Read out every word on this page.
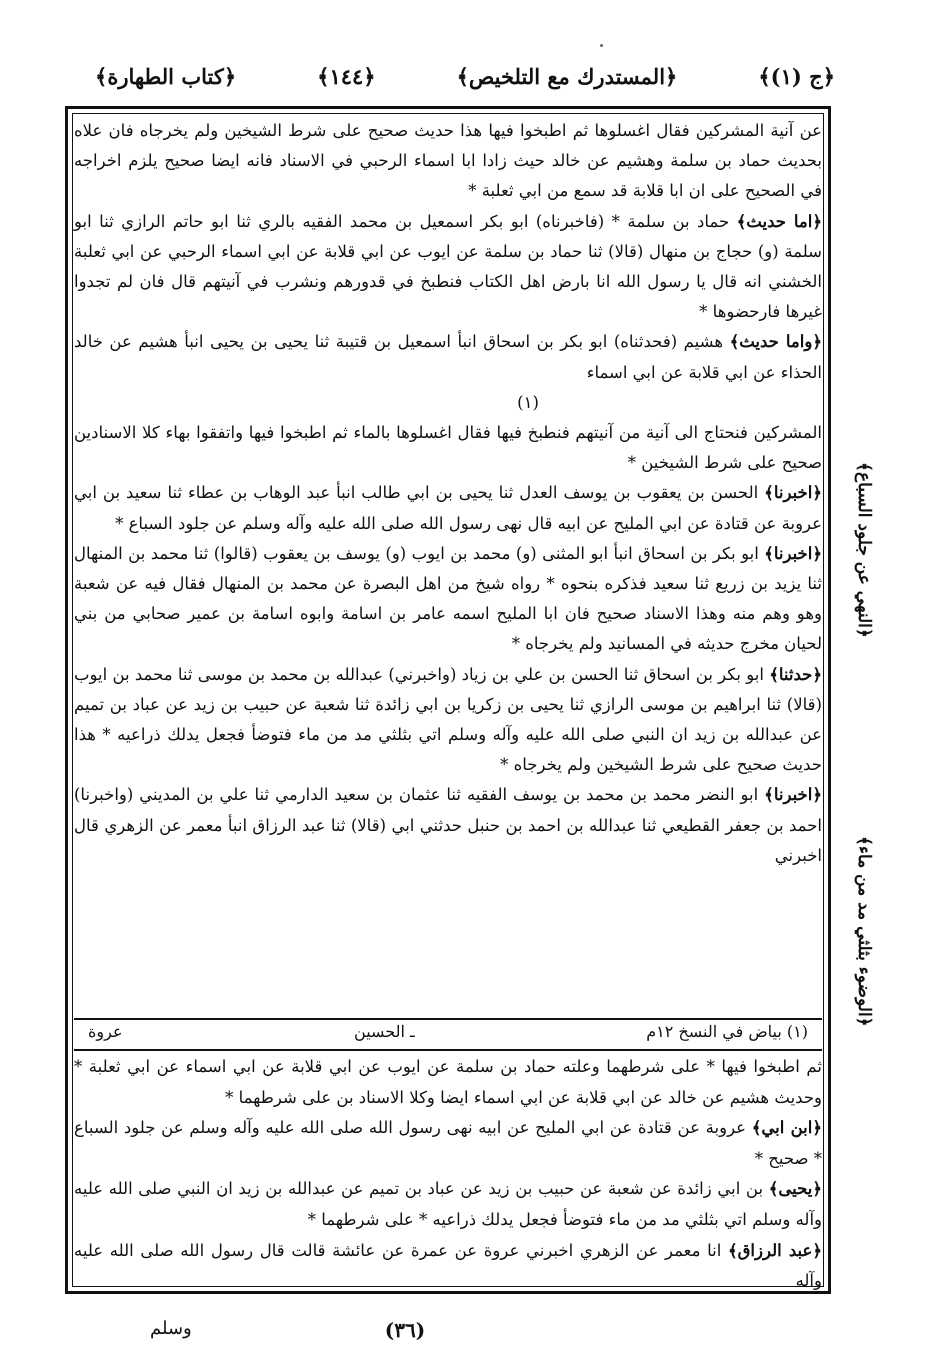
﴿ج (۱)﴾
﴿المستدرك مع التلخيص﴾
﴿١٤٤﴾
﴿كتاب الطهارة﴾

عن آنية المشركين فقال اغسلوها ثم اطبخوا فيها هذا حديث صحيح على شرط الشيخين ولم يخرجاه فان علاه بحديث حماد بن سلمة وهشيم عن خالد حيث زادا ابا اسماء الرحبي في الاسناد فانه ايضا صحيح يلزم اخراجه في الصحيح على ان ابا قلابة قد سمع من ابي ثعلبة *

﴿اما حديث﴾ حماد بن سلمة * (فاخبرناه) ابو بكر اسمعيل بن محمد الفقيه بالري ثنا ابو حاتم الرازي ثنا ابو سلمة (و) حجاج بن منهال (قالا) ثنا حماد بن سلمة عن ايوب عن ابي قلابة عن ابي اسماء الرحبي عن ابي ثعلبة الخشني انه قال يا رسول الله انا بارض اهل الكتاب فنطبخ في قدورهم ونشرب في آنيتهم قال فان لم تجدوا غيرها فارحضوها *

﴿واما حديث﴾ هشيم (فحدثناه) ابو بكر بن اسحاق انبأ اسمعيل بن قتيبة ثنا يحيى بن يحيى انبأ هشيم عن خالد الحذاء عن ابي قلابة عن ابي اسماء

(١)

المشركين فنحتاج الى آنية من آنيتهم فنطبخ فيها فقال اغسلوها بالماء ثم اطبخوا فيها واتفقوا بهاء كلا الاسنادين صحيح على شرط الشيخين *

﴿اخبرنا﴾ الحسن بن يعقوب بن يوسف العدل ثنا يحيى بن ابي طالب انبأ عبد الوهاب بن عطاء ثنا سعيد بن ابي عروبة عن قتادة عن ابي المليح عن ابيه قال نهى رسول الله صلى الله عليه وآله وسلم عن جلود السباع *

﴿اخبرنا﴾ ابو بكر بن اسحاق انبأ ابو المثنى (و) محمد بن ايوب (و) يوسف بن يعقوب (قالوا) ثنا محمد بن المنهال ثنا يزيد بن زريع ثنا سعيد فذكره بنحوه * رواه شيخ من اهل البصرة عن محمد بن المنهال فقال فيه عن شعبة وهو وهم منه وهذا الاسناد صحيح فان ابا المليح اسمه عامر بن اسامة وابوه اسامة بن عمير صحابي من بني لحيان مخرج حديثه في المسانيد ولم يخرجاه *

﴿حدثنا﴾ ابو بكر بن اسحاق ثنا الحسن بن علي بن زياد (واخبرني) عبدالله بن محمد بن موسى ثنا محمد بن ايوب (قالا) ثنا ابراهيم بن موسى الرازي ثنا يحيى بن زكريا بن ابي زائدة ثنا شعبة عن حبيب بن زيد عن عباد بن تميم عن عبدالله بن زيد ان النبي صلى الله عليه وآله وسلم اتي بثلثي مد من ماء فتوضأ فجعل يدلك ذراعيه * هذا حديث صحيح على شرط الشيخين ولم يخرجاه *

﴿اخبرنا﴾ ابو النضر محمد بن محمد بن يوسف الفقيه ثنا عثمان بن سعيد الدارمي ثنا علي بن المديني (واخبرنا) احمد بن جعفر القطيعي ثنا عبدالله بن احمد بن حنبل حدثني ابي (قالا) ثنا عبد الرزاق انبأ معمر عن الزهري قال اخبرني

(١) بياض في النسخ ١٢م
ـ الحسين
عروة

ثم اطبخوا فيها * على شرطهما وعلته حماد بن سلمة عن ايوب عن ابي قلابة عن ابي اسماء عن ابي ثعلبة * وحديث هشيم عن خالد عن ابي قلابة عن ابي اسماء ايضا وكلا الاسناد بن على شرطهما *

﴿ابن ابي﴾ عروبة عن قتادة عن ابي المليح عن ابيه نهى رسول الله صلى الله عليه وآله وسلم عن جلود السباع * صحيح *

﴿يحيى﴾ بن ابي زائدة عن شعبة عن حبيب بن زيد عن عباد بن تميم عن عبدالله بن زيد ان النبي صلى الله عليه وآله وسلم اتي بثلثي مد من ماء فتوضأ فجعل يدلك ذراعيه * على شرطهما *

﴿عبد الرزاق﴾ انا معمر عن الزهري اخبرني عروة عن عمرة عن عائشة قالت قال رسول الله صلى الله عليه وآله

﴿النهي عن جلود السباع﴾
﴿الوضوء بثلثي مد من ماء﴾
(٣٦)
وسلم
